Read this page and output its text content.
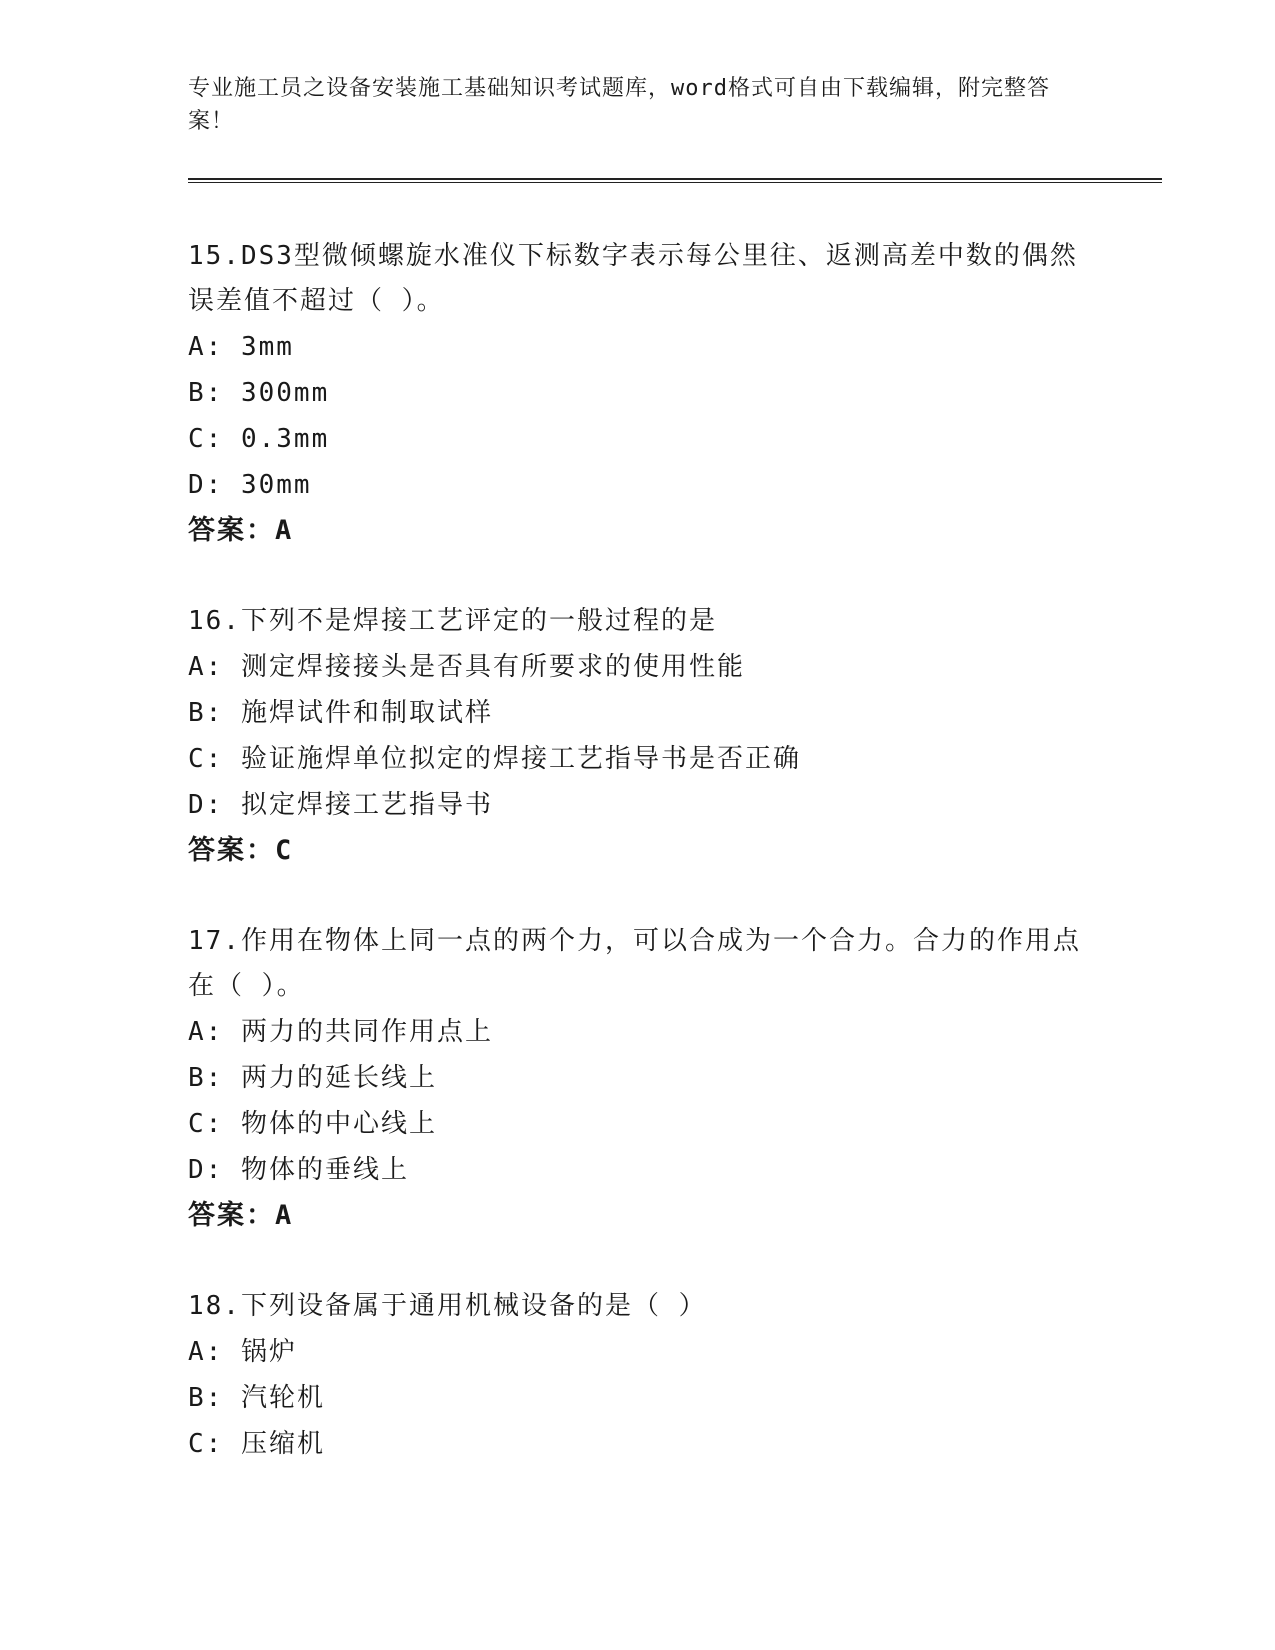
专业施工员之设备安装施工基础知识考试题库，word格式可自由下载编辑，附完整答案！

15.DS3型微倾螺旋水准仪下标数字表示每公里往、返测高差中数的偶然误差值不超过（ ）。

A: 3mm

B: 300mm

C: 0.3mm

D: 30mm

答案：A

16.下列不是焊接工艺评定的一般过程的是

A: 测定焊接接头是否具有所要求的使用性能

B: 施焊试件和制取试样

C: 验证施焊单位拟定的焊接工艺指导书是否正确

D: 拟定焊接工艺指导书

答案：C

17.作用在物体上同一点的两个力，可以合成为一个合力。合力的作用点在（ ）。

A: 两力的共同作用点上

B: 两力的延长线上

C: 物体的中心线上

D: 物体的垂线上

答案：A

18.下列设备属于通用机械设备的是（ ）

A: 锅炉

B: 汽轮机

C: 压缩机
